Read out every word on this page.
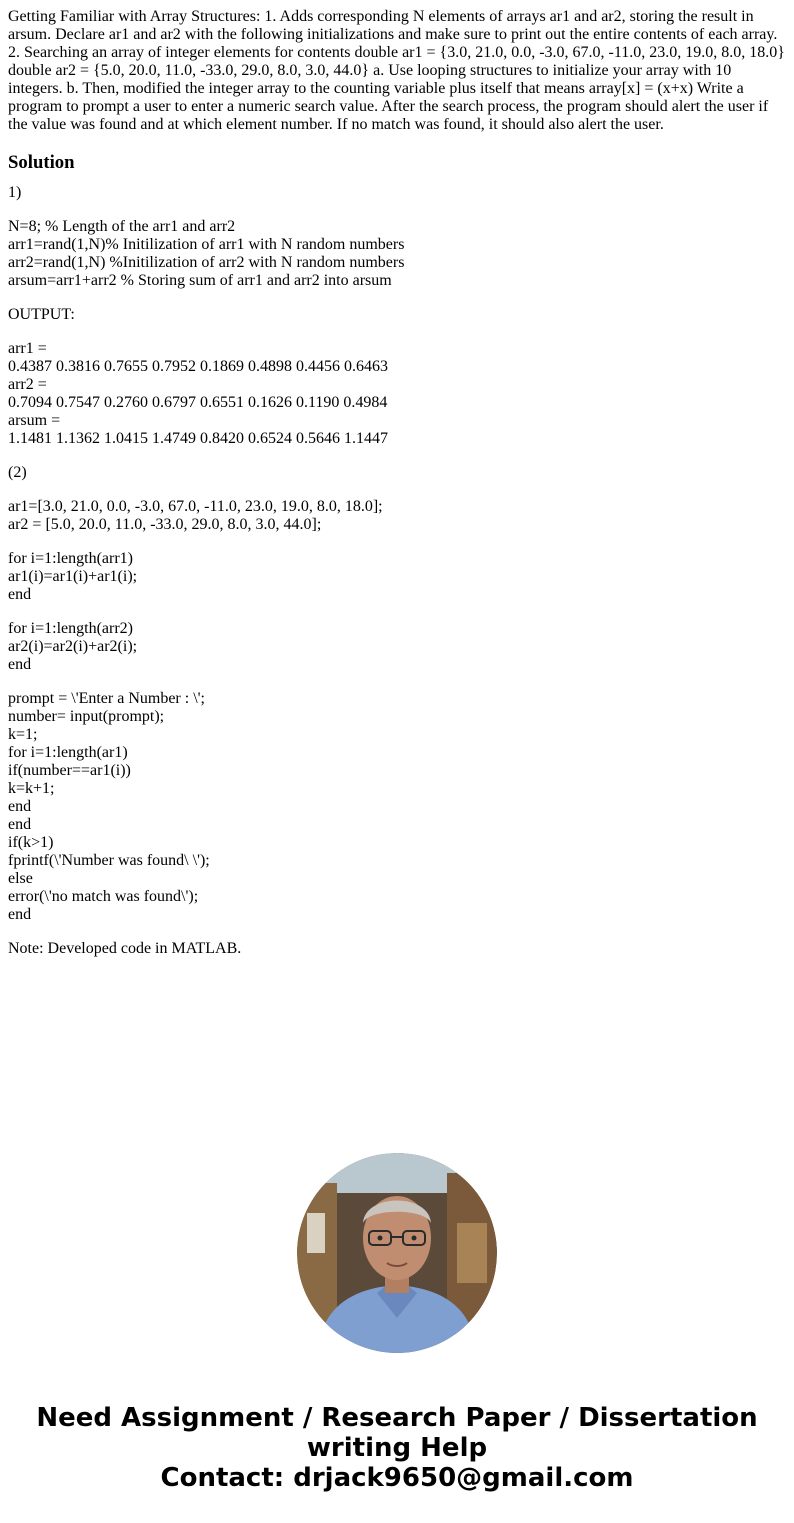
Getting Familiar with Array Structures: 1. Adds corresponding N elements of arrays ar1 and ar2, storing the result in arsum. Declare ar1 and ar2 with the following initializations and make sure to print out the entire contents of each array. 2. Searching an array of integer elements for contents double ar1 = {3.0, 21.0, 0.0, -3.0, 67.0, -11.0, 23.0, 19.0, 8.0, 18.0} double ar2 = {5.0, 20.0, 11.0, -33.0, 29.0, 8.0, 3.0, 44.0} a. Use looping structures to initialize your array with 10 integers. b. Then, modified the integer array to the counting variable plus itself that means array[x] = (x+x) Write a program to prompt a user to enter a numeric search value. After the search process, the program should alert the user if the value was found and at which element number. If no match was found, it should also alert the user.

Solution
1)
N=8; % Length of the arr1 and arr2
arr1=rand(1,N)% Initilization of arr1 with N random numbers
arr2=rand(1,N) %Initilization of arr2 with N random numbers
arsum=arr1+arr2 % Storing sum of arr1 and arr2 into arsum
OUTPUT:
arr1 =
0.4387 0.3816 0.7655 0.7952 0.1869 0.4898 0.4456 0.6463
arr2 =
0.7094 0.7547 0.2760 0.6797 0.6551 0.1626 0.1190 0.4984
arsum =
1.1481 1.1362 1.0415 1.4749 0.8420 0.6524 0.5646 1.1447
(2)
ar1=[3.0, 21.0, 0.0, -3.0, 67.0, -11.0, 23.0, 19.0, 8.0, 18.0];
ar2 = [5.0, 20.0, 11.0, -33.0, 29.0, 8.0, 3.0, 44.0];
for i=1:length(arr1)
ar1(i)=ar1(i)+ar1(i);
end
for i=1:length(arr2)
ar2(i)=ar2(i)+ar2(i);
end
prompt = \'Enter a Number : \';
number= input(prompt);
k=1;
for i=1:length(ar1)
if(number==ar1(i))
k=k+1;
end
end
if(k>1)
fprintf(\'Number was found\ \');
else
error(\'no match was found\');
end
Note: Developed code in MATLAB.
Need Assignment / Research Paper / Dissertation
writing Help
Contact: drjack9650@gmail.com
